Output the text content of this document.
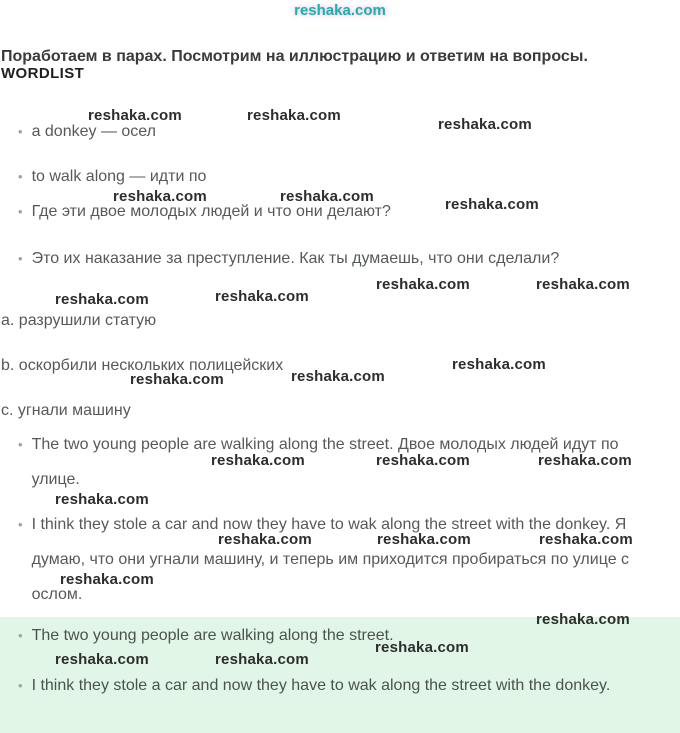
reshaka.com	reshaka.com
reshaka.com
reshaka.com	reshaka.com	reshaka.com
reshaka.com	reshaka.com
reshaka.com
reshaka.com
reshaka.com
reshaka.com
reshaka.com
reshaka.com	reshaka.com	reshaka.com
reshaka.com
reshaka.com	reshaka.com	reshaka.com
reshaka.com
reshaka.com
reshaka.com
reshaka.com	reshaka.com
reshaka.com

Поработаем в парах. Посмотрим на иллюстрацию и ответим на вопросы.

WORDLIST
• a donkey — осел
• to walk along — идти по
• Где эти двое молодых людей и что они делают?
• Это их наказание за преступление. Как ты думаешь, что они сделали?
a. разрушили статую
b. оскорбили нескольких полицейских
c. угнали машину
• The two young people are walking along the street. Двое молодых людей идут по улице.
• I think they stole a car and now they have to wak along the street with the donkey. Я думаю, что они угнали машину, и теперь им приходится пробираться по улице с ослом.
• The two young people are walking along the street.
• I think they stole a car and now they have to wak along the street with the donkey.
